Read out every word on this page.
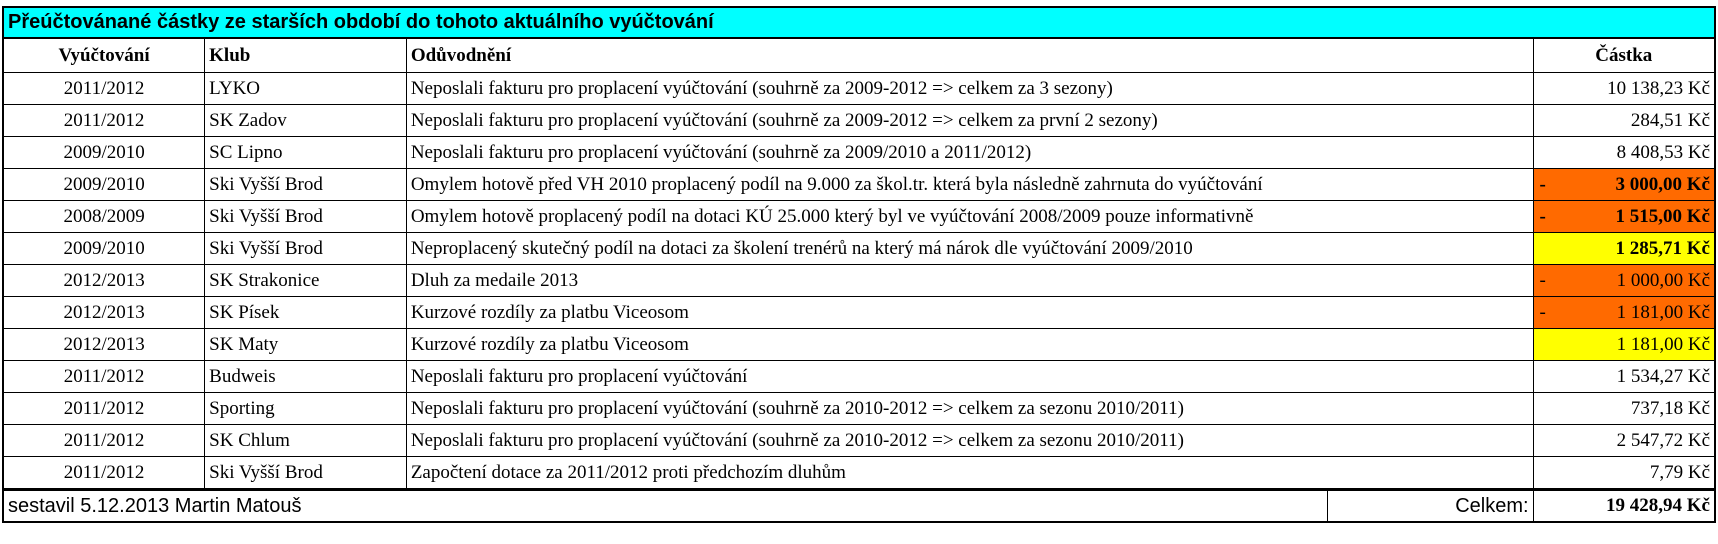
Přeúčtovánané částky ze starších období do tohoto aktuálního vyúčtování
Vyúčtování	Klub	Odůvodnění	Částka
2011/2012	LYKO	Neposlali fakturu pro proplacení vyúčtování (souhrně za 2009-2012 => celkem za 3 sezony)	10 138,23 Kč
2011/2012	SK Zadov	Neposlali fakturu pro proplacení vyúčtování (souhrně za 2009-2012 => celkem za první 2 sezony)	284,51 Kč
2009/2010	SC Lipno	Neposlali fakturu pro proplacení vyúčtování (souhrně za 2009/2010 a 2011/2012)	8 408,53 Kč
2009/2010	Ski Vyšší Brod	Omylem hotově před VH 2010 proplacený podíl na 9.000 za škol.tr. která byla následně zahrnuta do vyúčtování	- 3 000,00 Kč
2008/2009	Ski Vyšší Brod	Omylem hotově proplacený podíl na dotaci KÚ 25.000 který byl ve vyúčtování 2008/2009 pouze informativně	- 1 515,00 Kč
2009/2010	Ski Vyšší Brod	Neproplacený skutečný podíl na dotaci za školení trenérů na který má nárok dle vyúčtování 2009/2010	1 285,71 Kč
2012/2013	SK Strakonice	Dluh za medaile 2013	- 1 000,00 Kč
2012/2013	SK Písek	Kurzové rozdíly za platbu Viceosom	- 1 181,00 Kč
2012/2013	SK Maty	Kurzové rozdíly za platbu Viceosom	1 181,00 Kč
2011/2012	Budweis	Neposlali fakturu pro proplacení vyúčtování	1 534,27 Kč
2011/2012	Sporting	Neposlali fakturu pro proplacení vyúčtování (souhrně za 2010-2012 => celkem za sezonu 2010/2011)	737,18 Kč
2011/2012	SK Chlum	Neposlali fakturu pro proplacení vyúčtování (souhrně za 2010-2012 => celkem za sezonu 2010/2011)	2 547,72 Kč
2011/2012	Ski Vyšší Brod	Započtení dotace za 2011/2012 proti předchozím dluhům	7,79 Kč
sestavil 5.12.2013 Martin Matouš	Celkem:	19 428,94 Kč
